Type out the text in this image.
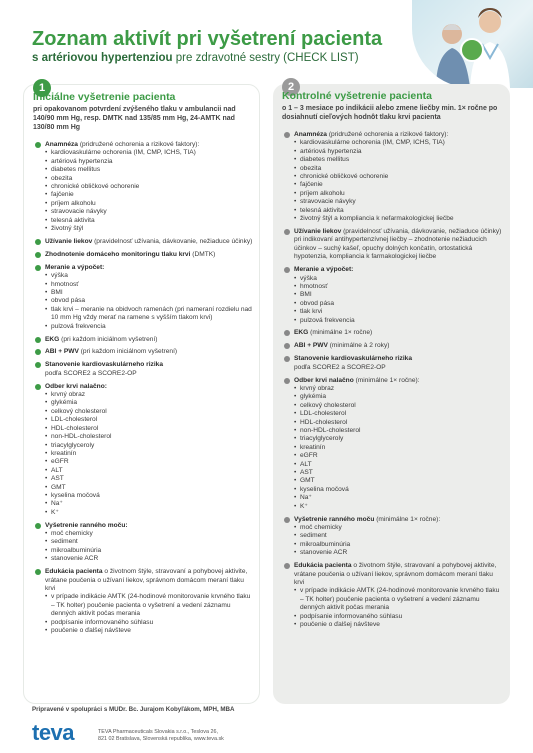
Zoznam aktivít pri vyšetrení pacienta
s artériovou hypertenziou pre zdravotné sestry (CHECK LIST)
1
Iniciálne vyšetrenie pacienta
pri opakovanom potvrdení zvýšeného tlaku v ambulancii nad 140/90 mm Hg, resp. DMTK nad 135/85 mm Hg, 24-AMTK nad 130/80 mm Hg
Anamnéza (pridružené ochorenia a rizikové faktory):
• kardiovaskulárne ochorenia (IM, CMP, ICHS, TIA)
• artériová hypertenzia
• diabetes mellitus
• obezita
• chronické obličkové ochorenie
• fajčenie
• príjem alkoholu
• stravovacie návyky
• telesná aktivita
• životný štýl
Užívanie liekov (pravidelnosť užívania, dávkovanie, nežiaduce účinky)
Zhodnotenie domáceho monitoringu tlaku krvi (DMTK)
Meranie a výpočet:
• výška
• hmotnosť
• BMI
• obvod pása
• tlak krvi – meranie na obidvoch ramenách (pri nameraní rozdielu nad 10 mm Hg vždy merať na ramene s vyšším tlakom krvi)
• pulzová frekvencia
EKG (pri každom iniciálnom vyšetrení)
ABI + PWV (pri každom iniciálnom vyšetrení)
Stanovenie kardiovaskulárneho rizika
podľa SCORE2 a SCORE2-OP
Odber krvi nalačno:
• krvný obraz
• glykémia
• celkový cholesterol
• LDL-cholesterol
• HDL-cholesterol
• non-HDL-cholesterol
• triacylglyceroly
• kreatinín
• eGFR
• ALT
• AST
• GMT
• kyselina močová
• Na⁺
• K⁺
Vyšetrenie ranného moču:
• moč chemicky
• sediment
• mikroalbuminúria
• stanovenie ACR
Edukácia pacienta o životnom štýle, stravovaní a pohybovej aktivite, vrátane poučenia o užívaní liekov, správnom domácom meraní tlaku krvi
• v prípade indikácie AMTK (24-hodinové monitorovanie krvného tlaku – TK holter) poučenie pacienta o vyšetrení a vedení záznamu denných aktivít počas merania
• podpísanie informovaného súhlasu
• poučenie o ďalšej návšteve
2
Kontrolné vyšetrenie pacienta
o 1 – 3 mesiace po indikácii alebo zmene liečby min. 1× ročne po dosiahnutí cieľových hodnôt tlaku krvi pacienta
Anamnéza (pridružené ochorenia a rizikové faktory):
• kardiovaskulárne ochorenia (IM, CMP, ICHS, TIA)
• artériová hypertenzia
• diabetes mellitus
• obezita
• chronické obličkové ochorenie
• fajčenie
• príjem alkoholu
• stravovacie návyky
• telesná aktivita
• životný štýl a kompliancia k nefarmakologickej liečbe
Užívanie liekov (pravidelnosť užívania, dávkovanie, nežiaduce účinky) pri indikovaní antihypertenzívnej liečby – zhodnotenie nežiaducich účinkov – suchý kašeľ, opuchy dolných končatín, ortostatická hypotenzia, kompliancia k farmakologickej liečbe
Meranie a výpočet:
• výška
• hmotnosť
• BMI
• obvod pása
• tlak krvi
• pulzová frekvencia
EKG (minimálne 1× ročne)
ABI + PWV (minimálne à 2 roky)
Stanovenie kardiovaskulárneho rizika
podľa SCORE2 a SCORE2-OP
Odber krvi nalačno (minimálne 1× ročne):
• krvný obraz
• glykémia
• celkový cholesterol
• LDL-cholesterol
• HDL-cholesterol
• non-HDL-cholesterol
• triacylglyceroly
• kreatinín
• eGFR
• ALT
• AST
• GMT
• kyselina močová
• Na⁺
• K⁺
Vyšetrenie ranného moču (minimálne 1× ročne):
• moč chemicky
• sediment
• mikroalbuminúria
• stanovenie ACR
Edukácia pacienta o životnom štýle, stravovaní a pohybovej aktivite, vrátane poučenia o užívaní liekov, správnom domácom meraní tlaku krvi
• v prípade indikácie AMTK (24-hodinové monitorovanie krvného tlaku – TK holter) poučenie pacienta o vyšetrení a vedení záznamu denných aktivít počas merania
• podpísanie informovaného súhlasu
• poučenie o ďalšej návšteve
Pripravené v spolupráci s MUDr. Bc. Jurajom Kobyľákom, MPH, MBA
teva	TEVA Pharmaceuticals Slovakia s.r.o., Teslova 26,
821 02 Bratislava, Slovenská republika, www.teva.sk
